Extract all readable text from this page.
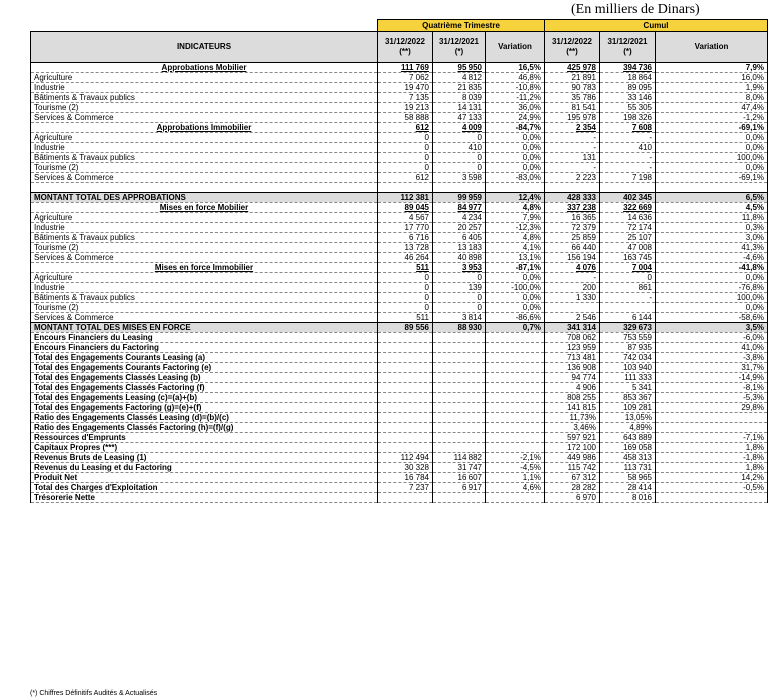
(En milliers de Dinars)
	Quatrième Trimestre			Cumul		
INDICATEURS	31/12/2022 (**)	31/12/2021 (*)	Variation	31/12/2022 (**)	31/12/2021 (*)	Variation
Approbations Mobilier	111 769	95 950	16,5%	425 978	394 736	7,9%
Agriculture	7 062	4 812	46,8%	21 891	18 864	16,0%
Industrie	19 470	21 835	-10,8%	90 783	89 095	1,9%
Bâtiments & Travaux publics	7 135	8 039	-11,2%	35 786	33 146	8,0%
Tourisme (2)	19 213	14 131	36,0%	81 541	55 305	47,4%
Services & Commerce	58 888	47 133	24,9%	195 978	198 326	-1,2%
Approbations Immobilier	612	4 009	-84,7%	2 354	7 608	-69,1%
Agriculture	0	0	0,0%	-	-	0,0%
Industrie	0	410	0,0%	-	410	0,0%
Bâtiments & Travaux publics	0	0	0,0%	131	-	100,0%
Tourisme (2)	0	0	0,0%	-	-	0,0%
Services & Commerce	612	3 598	-83,0%	2 223	7 198	-69,1%

MONTANT TOTAL DES APPROBATIONS	112 381	99 959	12,4%	428 333	402 345	6,5%
Mises en force Mobilier	89 045	84 977	4,8%	337 238	322 669	4,5%
Agriculture	4 567	4 234	7,9%	16 365	14 636	11,8%
Industrie	17 770	20 257	-12,3%	72 379	72 174	0,3%
Bâtiments & Travaux publics	6 716	6 405	4,8%	25 859	25 107	3,0%
Tourisme (2)	13 728	13 183	4,1%	66 440	47 008	41,3%
Services & Commerce	46 264	40 898	13,1%	156 194	163 745	-4,6%
Mises en force Immobilier	511	3 953	-87,1%	4 076	7 004	-41,8%
Agriculture	0	0	0,0%	-	0	0,0%
Industrie	0	139	-100,0%	200	861	-76,8%
Bâtiments & Travaux publics	0	0	0,0%	1 330	-	100,0%
Tourisme (2)	0	0	0,0%			0,0%
Services & Commerce	511	3 814	-86,6%	2 546	6 144	-58,6%
MONTANT TOTAL DES MISES EN FORCE	89 556	88 930	0,7%	341 314	329 673	3,5%
Encours Financiers du Leasing				708 062	753 559	-6,0%
Encours Financiers du Factoring				123 959	87 935	41,0%
Total des Engagements Courants Leasing (a)				713 481	742 034	-3,8%
Total des Engagements Courants Factoring (e)				136 908	103 940	31,7%
Total des Engagements Classés Leasing (b)				94 774	111 333	-14,9%
Total des Engagements Classés Factoring (f)				4 906	5 341	-8,1%
Total des Engagements Leasing (c)=(a)+(b)				808 255	853 367	-5,3%
Total des Engagements Factoring (g)=(e)+(f)				141 815	109 281	29,8%
Ratio des Engagements Classés Leasing (d)=(b)/(c)				11,73%	13,05%	
Ratio des Engagements Classés Factoring (h)=(f)/(g)				3,46%	4,89%	
Ressources d'Emprunts				597 921	643 889	-7,1%
Capitaux Propres (***)				172 100	169 058	1,8%
Revenus Bruts de Leasing (1)	112 494	114 882	-2,1%	449 986	458 313	-1,8%
Revenus du Leasing et du Factoring	30 328	31 747	-4,5%	115 742	113 731	1,8%
Produit Net	16 784	16 607	1,1%	67 312	58 965	14,2%
Total des Charges d'Exploitation	7 237	6 917	4,6%	28 282	28 414	-0,5%
Trésorerie Nette				6 970	8 016	
(*) Chiffres Définitifs Audités & Actualisés
